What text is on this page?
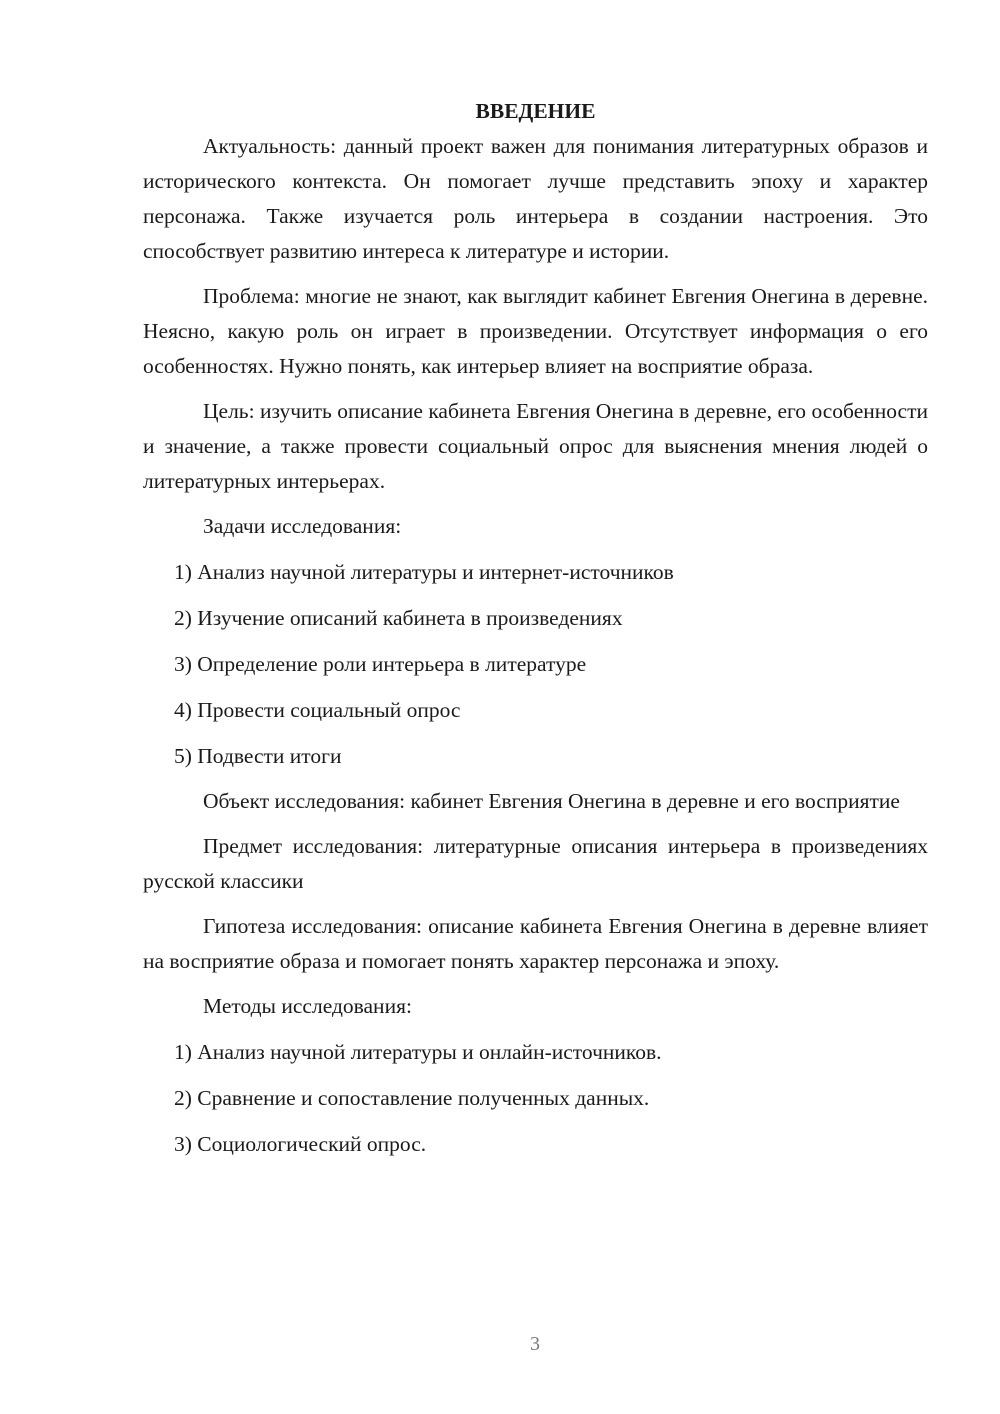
ВВЕДЕНИЕ

Актуальность: данный проект важен для понимания литературных образов и исторического контекста. Он помогает лучше представить эпоху и характер персонажа. Также изучается роль интерьера в создании настроения. Это способствует развитию интереса к литературе и истории.

Проблема: многие не знают, как выглядит кабинет Евгения Онегина в деревне. Неясно, какую роль он играет в произведении. Отсутствует информация о его особенностях. Нужно понять, как интерьер влияет на восприятие образа.

Цель: изучить описание кабинета Евгения Онегина в деревне, его особенности и значение, а также провести социальный опрос для выяснения мнения людей о литературных интерьерах.

Задачи исследования:

1) Анализ научной литературы и интернет-источников

2) Изучение описаний кабинета в произведениях

3) Определение роли интерьера в литературе

4) Провести социальный опрос

5) Подвести итоги

Объект исследования: кабинет Евгения Онегина в деревне и его восприятие

Предмет исследования: литературные описания интерьера в произведениях русской классики

Гипотеза исследования: описание кабинета Евгения Онегина в деревне влияет на восприятие образа и помогает понять характер персонажа и эпоху.

Методы исследования:

1) Анализ научной литературы и онлайн-источников.

2) Сравнение и сопоставление полученных данных.

3) Социологический опрос.

3
